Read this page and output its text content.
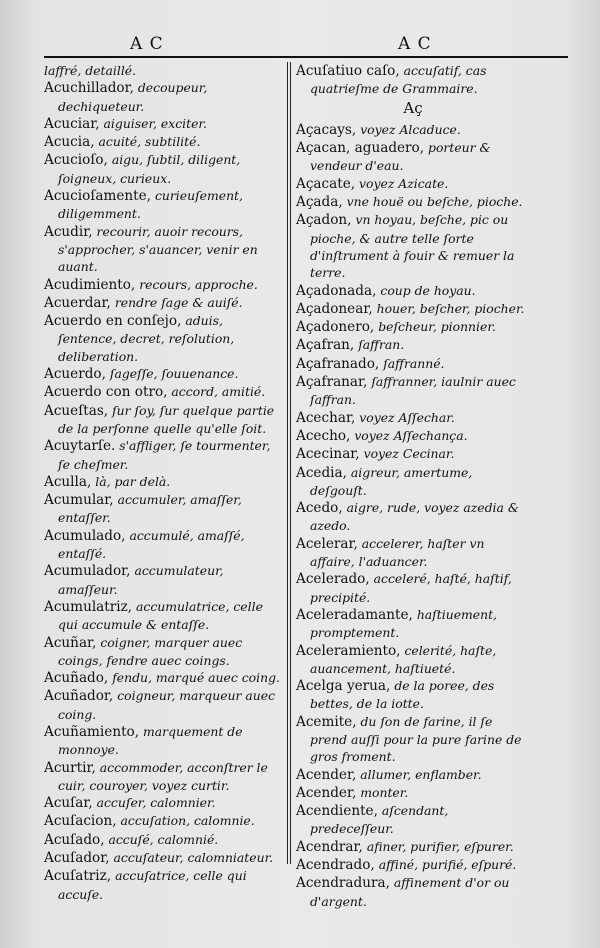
A C	A C

laffré, detaillé.

Acuchillador, decoupeur, dechiqueteur.

Acuciar, aiguiser, exciter.

Acucia, acuité, subtilité.

Acucioſo, aigu, ſubtil, diligent, ſoigneux, curieux.

Acucioſamente, curieuſement, diligemment.

Acudir, recourir, auoir recours, s'approcher, s'auancer, venir en auant.

Acudimiento, recours, approche.

Acuerdar, rendre ſage & auiſé.

Acuerdo en conſejo, aduis, ſentence, decret, reſolution, deliberation.

Acuerdo, ſageſſe, ſouuenance.

Acuerdo con otro, accord, amitié.

Acueſtas, ſur ſoy, ſur quelque partie de la perſonne quelle qu'elle ſoit.

Acuytarſe. s'affliger, ſe tourmenter, ſe cheſmer.

Aculla, là, par delà.

Acumular, accumuler, amaſſer, entaſſer.

Acumulado, accumulé, amaſſé, entaſſé.

Acumulador, accumulateur, amaſſeur.

Acumulatriz, accumulatrice, celle qui accumule & entaſſe.

Acuñar, coigner, marquer auec coings, fendre auec coings.

Acuñado, fendu, marqué auec coing.

Acuñador, coigneur, marqueur auec coing.

Acuñamiento, marquement de monnoye.

Acurtir, accommoder, acconſtrer le cuir, couroyer, voyez curtir.

Acuſar, accuſer, calomnier.

Acuſacion, accuſation, calomnie.

Acuſado, accuſé, calomnié.

Acuſador, accuſateur, calomniateur.

Acuſatriz, accuſatrice, celle qui accuſe.

Acuſatiuo caſo, accuſatif, cas quatrieſme de Grammaire.

Aç

Açacays, voyez Alcaduce.

Açacan, aguadero, porteur & vendeur d'eau.

Açacate, voyez Azicate.

Açada, vne houë ou beſche, pioche.

Açadon, vn hoyau, beſche, pic ou pioche, & autre telle ſorte d'inſtrument à fouir & remuer la terre.

Açadonada, coup de hoyau.

Açadonear, houer, beſcher, piocher.

Açadonero, beſcheur, pionnier.

Açafran, ſaffran.

Açafranado, ſaffranné.

Açafranar, ſaffranner, iaulnir auec ſaffran.

Acechar, voyez Aſſechar.

Acecho, voyez Aſſechança.

Acecinar, voyez Cecinar.

Acedia, aigreur, amertume, deſgouſt.

Acedo, aigre, rude, voyez azedia & azedo.

Acelerar, accelerer, haſter vn affaire, l'aduancer.

Acelerado, acceleré, haſté, haſtif, precipité.

Aceleradamante, haſtiuement, promptement.

Aceleramiento, celerité, haſte, auancement, haſtiueté.

Acelga yerua, de la poree, des bettes, de la iotte.

Acemite, du ſon de farine, il ſe prend auſſi pour la pure farine de gros froment.

Acender, allumer, enflamber.

Acender, monter.

Acendiente, aſcendant, predeceſſeur.

Acendrar, afiner, purifier, eſpurer.

Acendrado, affiné, purifié, eſpuré.

Acendradura, affinement d'or ou d'argent.
